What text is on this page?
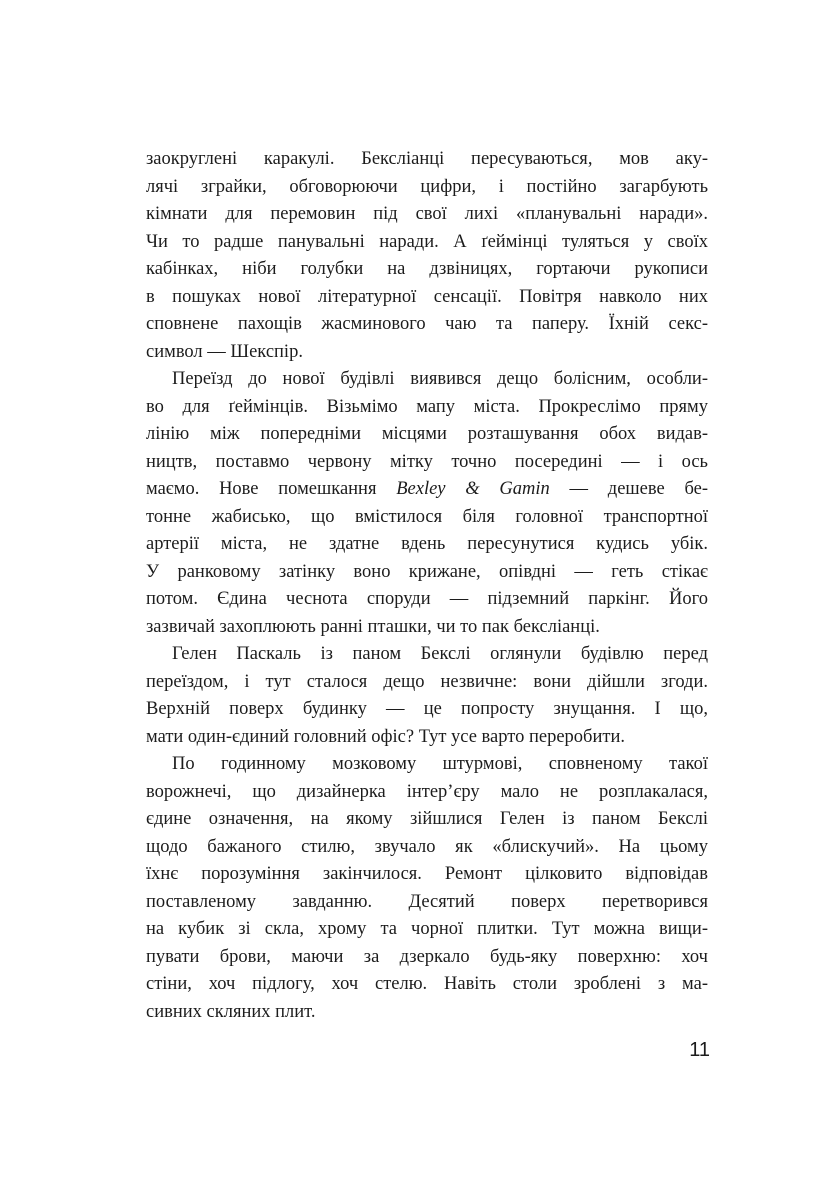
заокруглені каракулі. Бексліанці пересуваються, мов аку-
лячі зграйки, обговорюючи цифри, і постійно загарбують
кімнати для перемовин під свої лихі «планувальні наради».
Чи то радше панувальні наради. А ґеймінці туляться у своїх
кабінках, ніби голубки на дзвіницях, гортаючи рукописи
в пошуках нової літературної сенсації. Повітря навколо них
сповнене пахощів жасминового чаю та паперу. Їхній секс-
символ — Шекспір.
Переїзд до нової будівлі виявився дещо болісним, особли-
во для ґеймінців. Візьмімо мапу міста. Прокреслімо пряму
лінію між попередніми місцями розташування обох видав-
ництв, поставмо червону мітку точно посередині — і ось
маємо. Нове помешкання Bexley & Gamin — дешеве бе-
тонне жабисько, що вмістилося біля головної транспортної
артерії міста, не здатне вдень пересунутися кудись убік.
У ранковому затінку воно крижане, опівдні — геть стікає
потом. Єдина чеснота споруди — підземний паркінг. Його
зазвичай захоплюють ранні пташки, чи то пак бексліанці.
Гелен Паскаль із паном Бекслі оглянули будівлю перед
переїздом, і тут сталося дещо незвичне: вони дійшли згоди.
Верхній поверх будинку — це попросту знущання. І що,
мати один-єдиний головний офіс? Тут усе варто переробити.
По годинному мозковому штурмові, сповненому такої
ворожнечі, що дизайнерка інтер’єру мало не розплакалася,
єдине означення, на якому зійшлися Гелен із паном Бекслі
щодо бажаного стилю, звучало як «блискучий». На цьому
їхнє порозуміння закінчилося. Ремонт цілковито відповідав
поставленому завданню. Десятий поверх перетворився
на кубик зі скла, хрому та чорної плитки. Тут можна вищи-
пувати брови, маючи за дзеркало будь-яку поверхню: хоч
стіни, хоч підлогу, хоч стелю. Навіть столи зроблені з ма-
сивних скляних плит.
11
